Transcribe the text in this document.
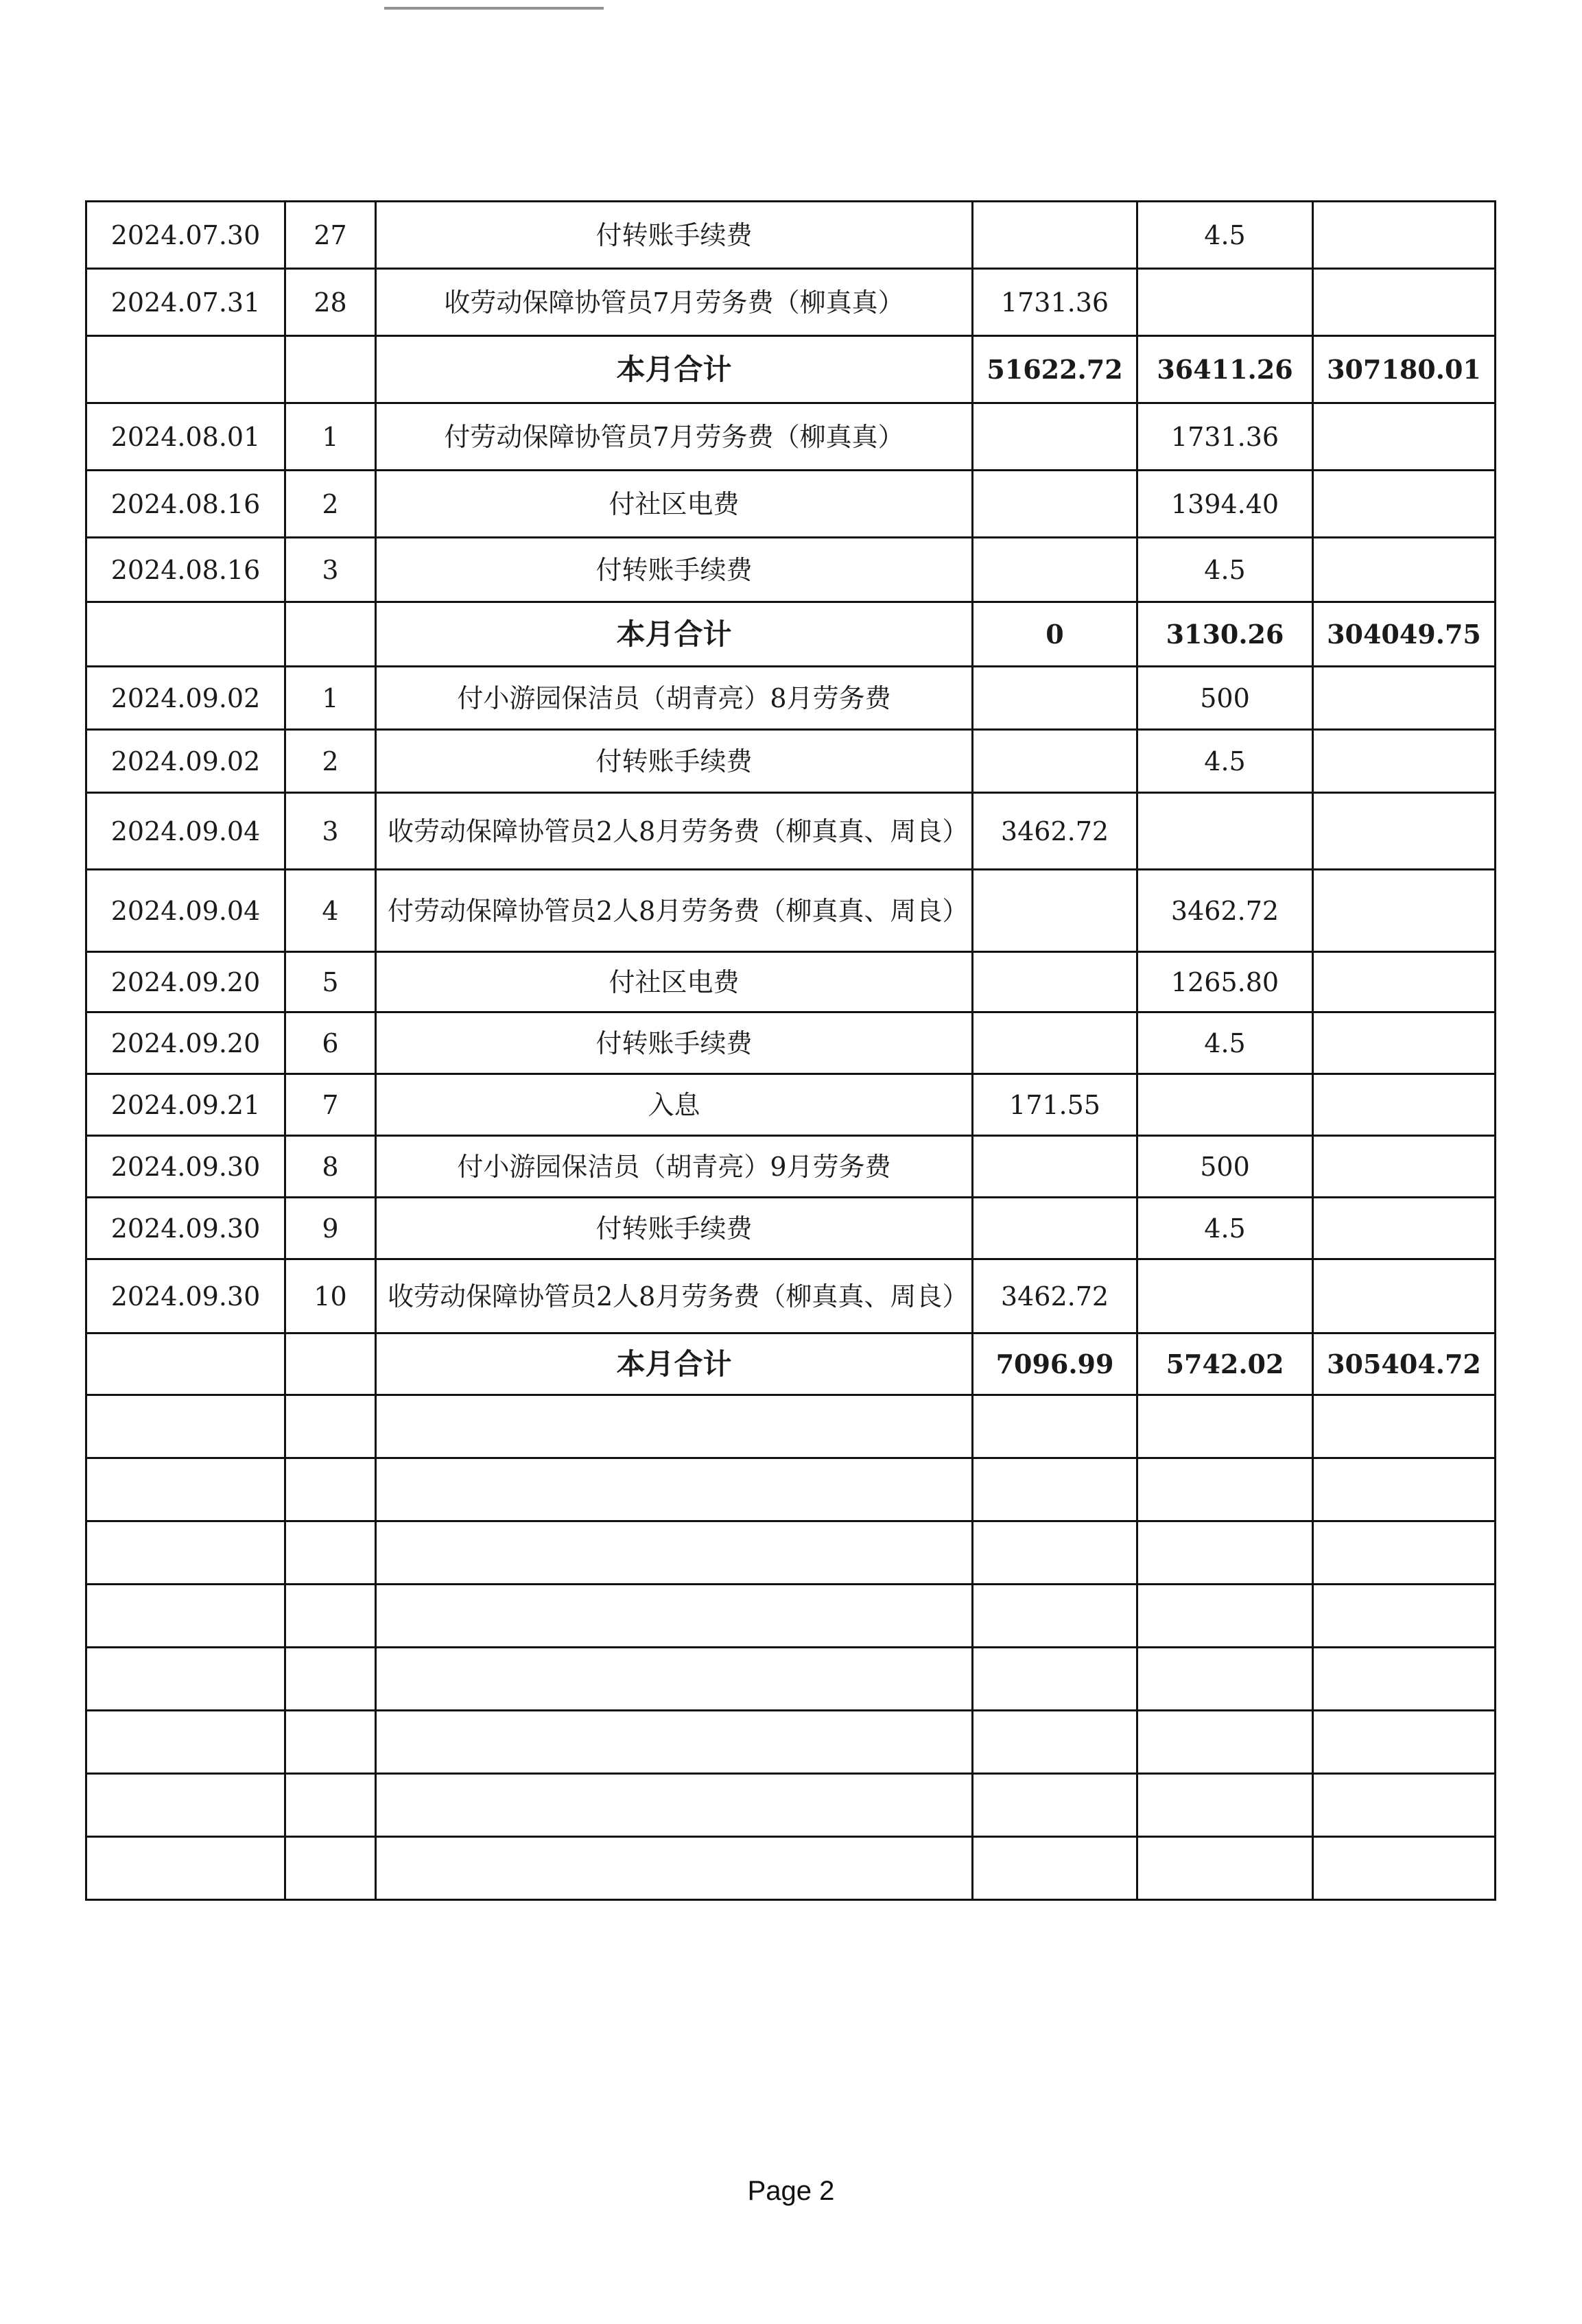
2024.07.30	27	付转账手续费		4.5	
2024.07.31	28	收劳动保障协管员7月劳务费（柳真真）	1731.36		
		本月合计	51622.72	36411.26	307180.01
2024.08.01	1	付劳动保障协管员7月劳务费（柳真真）		1731.36	
2024.08.16	2	付社区电费		1394.40	
2024.08.16	3	付转账手续费		4.5	
		本月合计	0	3130.26	304049.75
2024.09.02	1	付小游园保洁员（胡青亮）8月劳务费		500	
2024.09.02	2	付转账手续费		4.5	
2024.09.04	3	收劳动保障协管员2人8月劳务费（柳真真、周良）	3462.72		
2024.09.04	4	付劳动保障协管员2人8月劳务费（柳真真、周良）		3462.72	
2024.09.20	5	付社区电费		1265.80	
2024.09.20	6	付转账手续费		4.5	
2024.09.21	7	入息	171.55		
2024.09.30	8	付小游园保洁员（胡青亮）9月劳务费		500	
2024.09.30	9	付转账手续费		4.5	
2024.09.30	10	收劳动保障协管员2人8月劳务费（柳真真、周良）	3462.72		
		本月合计	7096.99	5742.02	305404.72

Page 2
